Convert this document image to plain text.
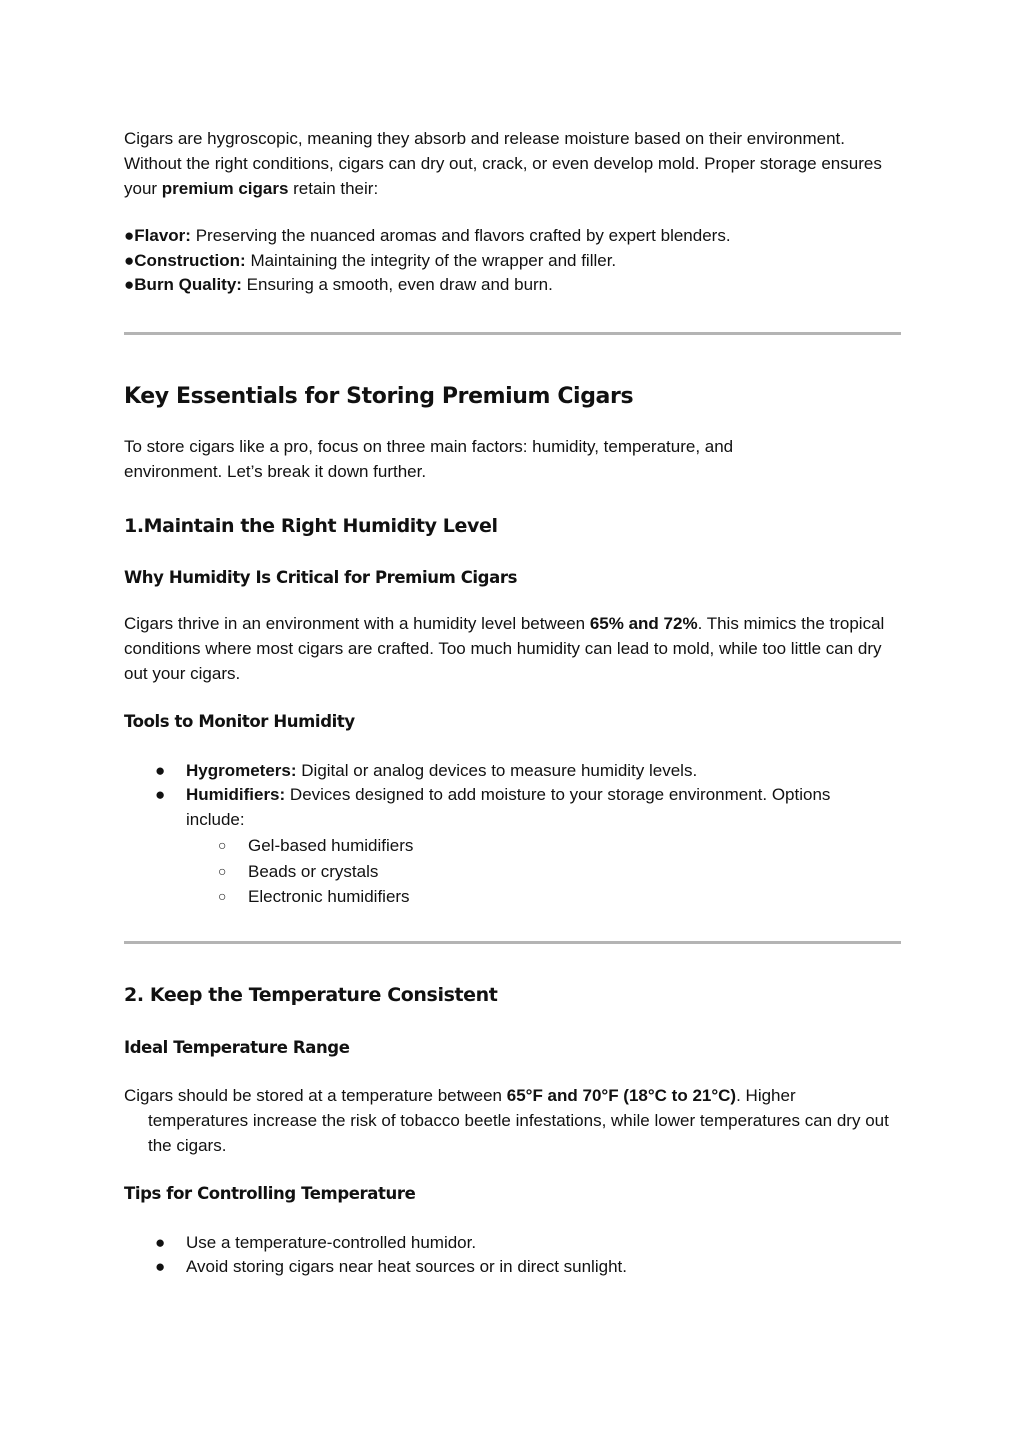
Cigars are hygroscopic, meaning they absorb and release moisture based on their environment. Without the right conditions, cigars can dry out, crack, or even develop mold. Proper storage ensures your premium cigars retain their:

●Flavor: Preserving the nuanced aromas and flavors crafted by expert blenders.
●Construction: Maintaining the integrity of the wrapper and filler.
●Burn Quality: Ensuring a smooth, even draw and burn.
Key Essentials for Storing Premium Cigars

To store cigars like a pro, focus on three main factors: humidity, temperature, and environment. Let’s break it down further.

1.Maintain the Right Humidity Level
Why Humidity Is Critical for Premium Cigars

Cigars thrive in an environment with a humidity level between 65% and 72%. This mimics the tropical conditions where most cigars are crafted. Too much humidity can lead to mold, while too little can dry out your cigars.

Tools to Monitor Humidity
● Hygrometers: Digital or analog devices to measure humidity levels.
● Humidifiers: Devices designed to add moisture to your storage environment. Options include:
○ Gel-based humidifiers
○ Beads or crystals
○ Electronic humidifiers
2. Keep the Temperature Consistent
Ideal Temperature Range

Cigars should be stored at a temperature between 65°F and 70°F (18°C to 21°C). Higher temperatures increase the risk of tobacco beetle infestations, while lower temperatures can dry out the cigars.

Tips for Controlling Temperature
● Use a temperature-controlled humidor.
● Avoid storing cigars near heat sources or in direct sunlight.
